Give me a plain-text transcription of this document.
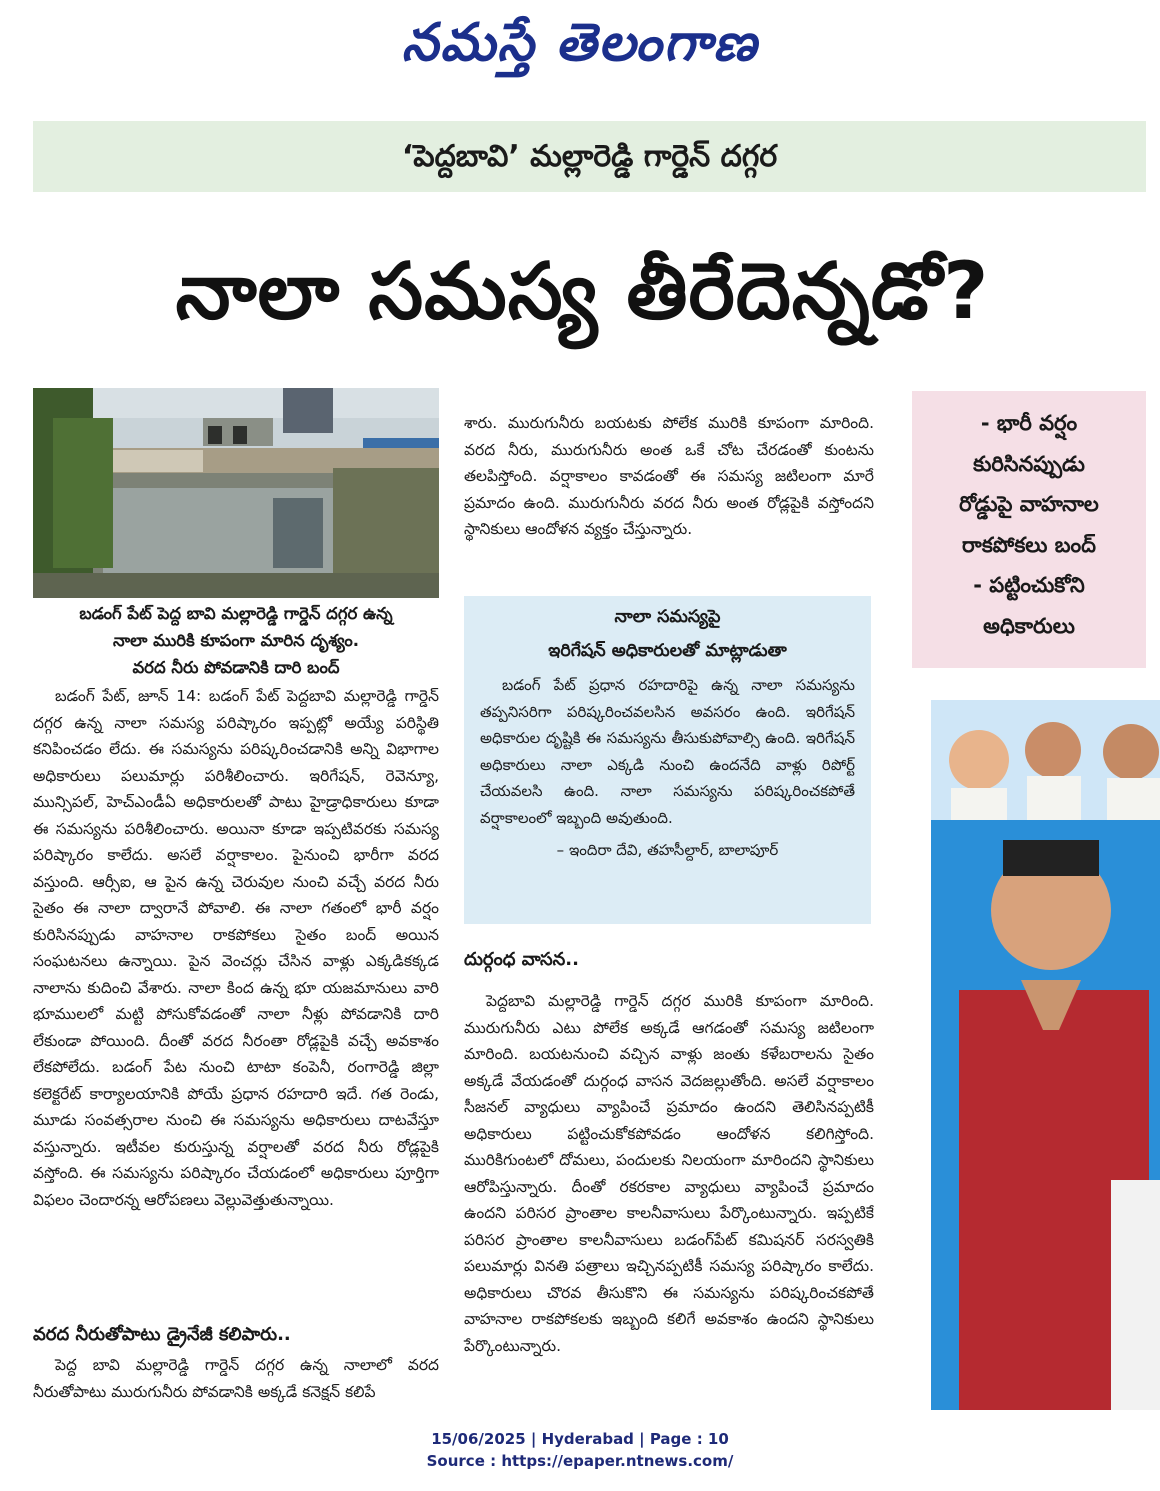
నమస్తే తెలంగాణ
‘పెద్దబావి’ మల్లారెడ్డి గార్డెన్ దగ్గర
నాలా సమస్య తీరేదెన్నడో?
బడంగ్ పేట్ పెద్ద బావి మల్లారెడ్డి గార్డెన్ దగ్గర ఉన్న
నాలా మురికి కూపంగా మారిన దృశ్యం.
వరద నీరు పోవడానికి దారి బంద్

బడంగ్ పేట్, జూన్ 14: బడంగ్ పేట్ పెద్దబావి మల్లారెడ్డి గార్డెన్ దగ్గర ఉన్న నాలా సమస్య పరిష్కారం ఇప్పట్లో అయ్యే పరిస్థితి కనిపించడం లేదు. ఈ సమస్యను పరిష్కరించడానికి అన్ని విభాగాల అధికారులు పలుమార్లు పరిశీలించారు. ఇరిగేషన్, రెవెన్యూ, మున్సిపల్, హెచ్ఎండీఏ అధికారులతో పాటు హైడ్రాధికారులు కూడా ఈ సమస్యను పరిశీలించారు. అయినా కూడా ఇప్పటివరకు సమస్య పరిష్కారం కాలేదు. అసలే వర్షాకాలం. పైనుంచి భారీగా వరద వస్తుంది. ఆర్సీఐ, ఆ పైన ఉన్న చెరువుల నుంచి వచ్చే వరద నీరు సైతం ఈ నాలా ద్వారానే పోవాలి. ఈ నాలా గతంలో భారీ వర్షం కురిసినప్పుడు వాహనాల రాకపోకలు సైతం బంద్ అయిన సంఘటనలు ఉన్నాయి. పైన వెంచర్లు చేసిన వాళ్లు ఎక్కడికక్కడ నాలాను కుదించి వేశారు. నాలా కింద ఉన్న భూ యజమానులు వారి భూములలో మట్టి పోసుకోవడంతో నాలా నీళ్లు పోవడానికి దారి లేకుండా పోయింది. దీంతో వరద నీరంతా రోడ్లపైకి వచ్చే అవకాశం లేకపోలేదు. బడంగ్ పేట నుంచి టాటా కంపెనీ, రంగారెడ్డి జిల్లా కలెక్టరేట్ కార్యాలయానికి పోయే ప్రధాన రహదారి ఇదే. గత రెండు, మూడు సంవత్సరాల నుంచి ఈ సమస్యను అధికారులు దాటవేస్తూ వస్తున్నారు. ఇటీవల కురుస్తున్న వర్షాలతో వరద నీరు రోడ్లపైకి వస్తోంది. ఈ సమస్యను పరిష్కారం చేయడంలో అధికారులు పూర్తిగా విఫలం చెందారన్న ఆరోపణలు వెల్లువెత్తుతున్నాయి.

వరద నీరుతోపాటు డ్రైనేజీ కలిపారు..

పెద్ద బావి మల్లారెడ్డి గార్డెన్ దగ్గర ఉన్న నాలాలో వరద నీరుతోపాటు మురుగునీరు పోవడానికి అక్కడే కనెక్షన్ కలిపే

శారు. మురుగునీరు బయటకు పోలేక మురికి కూపంగా మారింది. వరద నీరు, మురుగునీరు అంత ఒకే చోట చేరడంతో కుంటను తలపిస్తోంది. వర్షాకాలం కావడంతో ఈ సమస్య జటిలంగా మారే ప్రమాదం ఉంది. మురుగునీరు వరద నీరు అంత రోడ్లపైకి వస్తోందని స్థానికులు ఆందోళన వ్యక్తం చేస్తున్నారు.

నాలా సమస్యపై
ఇరిగేషన్ అధికారులతో మాట్లాడుతా

బడంగ్ పేట్ ప్రధాన రహదారిపై ఉన్న నాలా సమస్యను తప్పనిసరిగా పరిష్కరించవలసిన అవసరం ఉంది. ఇరిగేషన్ అధికారుల దృష్టికి ఈ సమస్యను తీసుకుపోవాల్సి ఉంది. ఇరిగేషన్ అధికారులు నాలా ఎక్కడి నుంచి ఉందనేది వాళ్లు రిపోర్ట్ చేయవలసి ఉంది. నాలా సమస్యను పరిష్కరించకపోతే వర్షాకాలంలో ఇబ్బంది అవుతుంది.

– ఇందిరా దేవి, తహసీల్దార్, బాలాపూర్
దుర్గంధ వాసన..

పెద్దబావి మల్లారెడ్డి గార్డెన్ దగ్గర మురికి కూపంగా మారింది. మురుగునీరు ఎటు పోలేక అక్కడే ఆగడంతో సమస్య జటిలంగా మారింది. బయటనుంచి వచ్చిన వాళ్లు జంతు కళేబరాలను సైతం అక్కడే వేయడంతో దుర్గంధ వాసన వెదజల్లుతోంది. అసలే వర్షాకాలం సీజనల్ వ్యాధులు వ్యాపించే ప్రమాదం ఉందని తెలిసినప్పటికీ అధికారులు పట్టించుకోకపోవడం ఆందోళన కలిగిస్తోంది. మురికిగుంటలో దోమలు, పందులకు నిలయంగా మారిందని స్థానికులు ఆరోపిస్తున్నారు. దీంతో రకరకాల వ్యాధులు వ్యాపించే ప్రమాదం ఉందని పరిసర ప్రాంతాల కాలనీవాసులు పేర్కొంటున్నారు. ఇప్పటికే పరిసర ప్రాంతాల కాలనీవాసులు బడంగ్‌పేట్ కమిషనర్ సరస్వతికి పలుమార్లు వినతి పత్రాలు ఇచ్చినప్పటికీ సమస్య పరిష్కారం కాలేదు. అధికారులు చొరవ తీసుకొని ఈ సమస్యను పరిష్కరించకపోతే వాహనాల రాకపోకలకు ఇబ్బంది కలిగే అవకాశం ఉందని స్థానికులు పేర్కొంటున్నారు.

- భారీ వర్షం
కురిసినప్పుడు
రోడ్డుపై వాహనాల
రాకపోకలు బంద్
- పట్టించుకోని
అధికారులు
15/06/2025 | Hyderabad | Page : 10
Source : https://epaper.ntnews.com/
